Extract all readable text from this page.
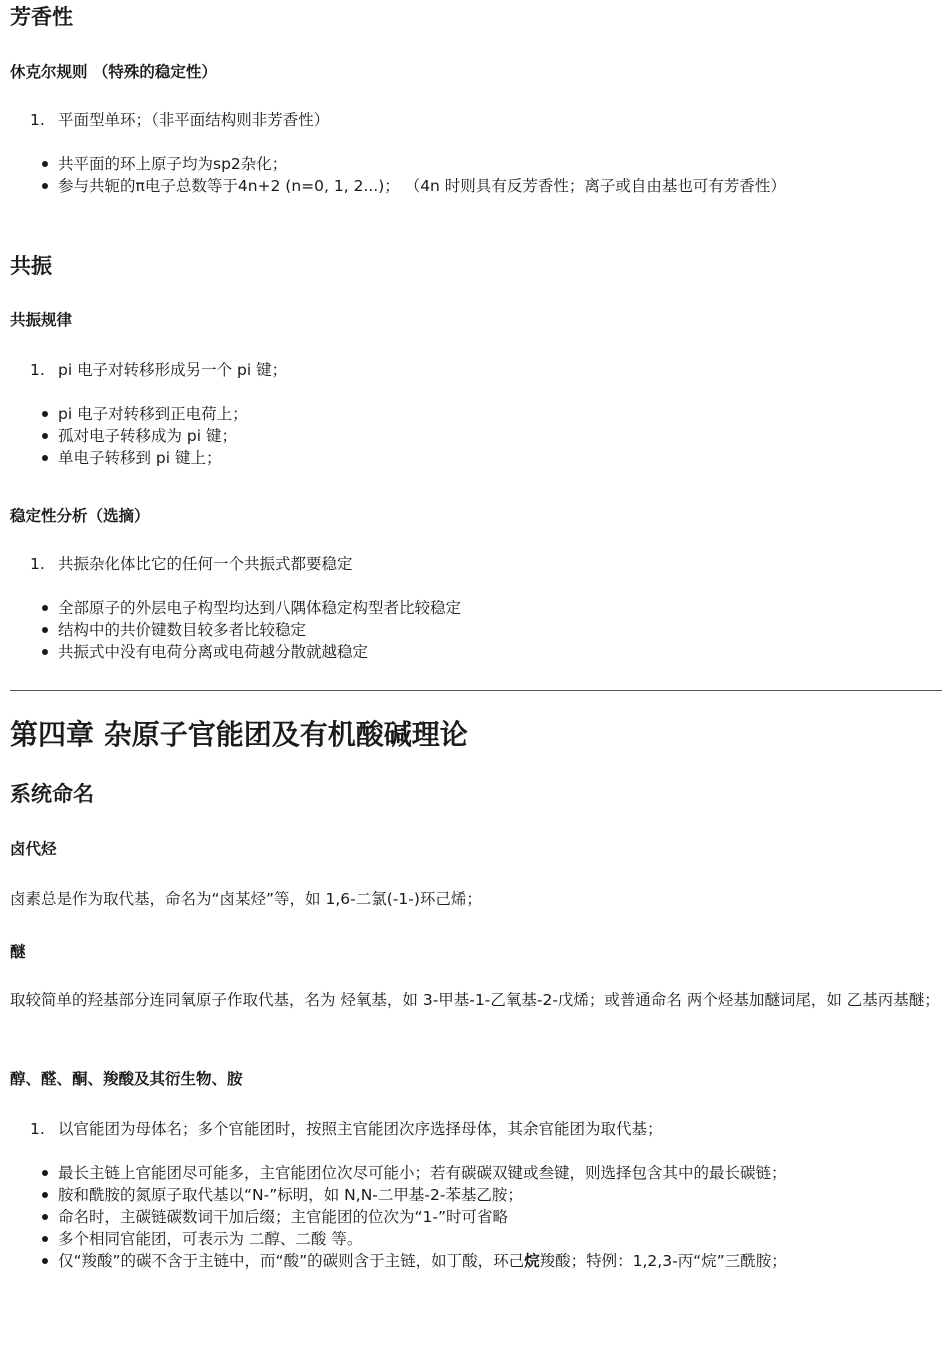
芳香性
休克尔规则 （特殊的稳定性）
1. 平面型单环；（非平面结构则非芳香性）
共平面的环上原子均为sp2杂化；
参与共轭的π电子总数等于4n+2 (n=0, 1, 2...)； （4n 时则具有反芳香性；离子或自由基也可有芳香性）
共振
共振规律
1. pi 电子对转移形成另一个 pi 键；
pi 电子对转移到正电荷上；
孤对电子转移成为 pi 键；
单电子转移到 pi 键上；
稳定性分析（选摘）
1. 共振杂化体比它的任何一个共振式都要稳定
全部原子的外层电子构型均达到八隅体稳定构型者比较稳定
结构中的共价键数目较多者比较稳定
共振式中没有电荷分离或电荷越分散就越稳定
第四章 杂原子官能团及有机酸碱理论
系统命名
卤代烃

卤素总是作为取代基，命名为“卤某烃”等，如 1,6-二氯(-1-)环己烯；

醚

取较简单的羟基部分连同氧原子作取代基，名为 烃氧基，如 3-甲基-1-乙氧基-2-戊烯；或普通命名 两个烃基加醚词尾，如 乙基丙基醚；

醇、醛、酮、羧酸及其衍生物、胺
1. 以官能团为母体名；多个官能团时，按照主官能团次序选择母体，其余官能团为取代基；
最长主链上官能团尽可能多，主官能团位次尽可能小；若有碳碳双键或叁键，则选择包含其中的最长碳链；
胺和酰胺的氮原子取代基以“N-”标明，如 N,N-二甲基-2-苯基乙胺；
命名时，主碳链碳数词干加后缀；主官能团的位次为“1-”时可省略
多个相同官能团，可表示为 二醇、二酸 等。
仅“羧酸”的碳不含于主链中，而“酸”的碳则含于主链，如丁酸，环己烷羧酸；特例：1,2,3-丙“烷”三酰胺；
